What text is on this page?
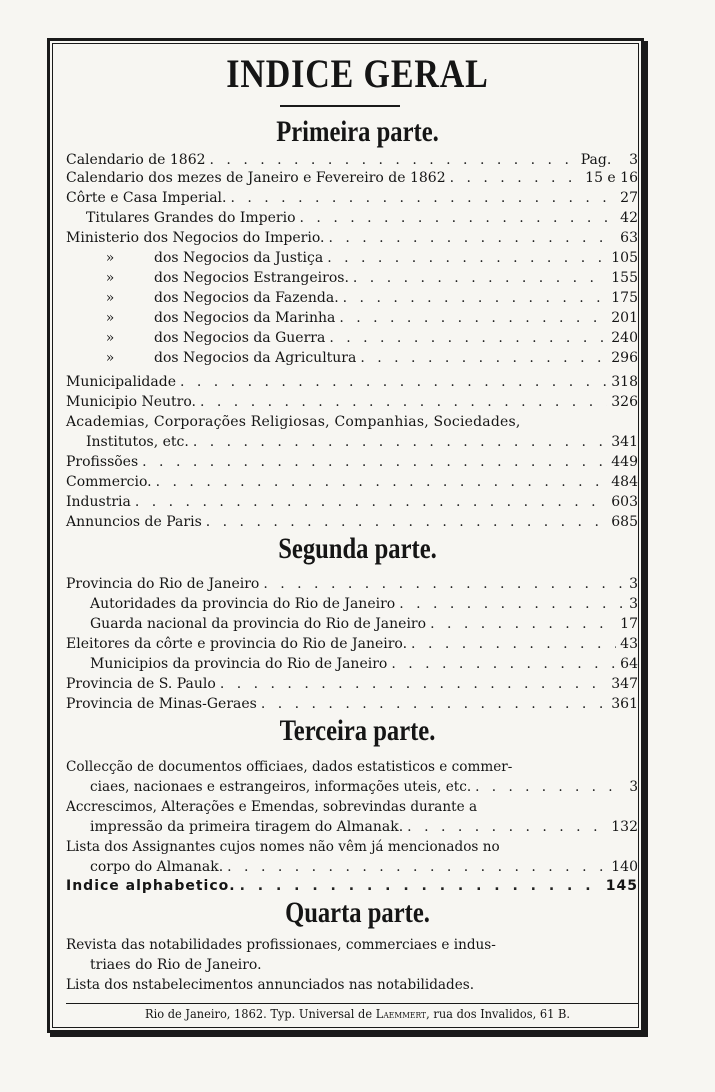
INDICE GERAL
Primeira parte.
Calendario de 1862 . . .	Pag.    3
Calendario dos mezes de Janeiro e Fevereiro de 1862 . . .	15 e 16
Côrte e Casa Imperial. . . .	27
Titulares Grandes do Imperio . . .	42
Ministerio dos Negocios do Imperio. . . .	63
»	dos Negocios da Justiça . . .	105
»	dos Negocios Estrangeiros. . . .	155
»	dos Negocios da Fazenda. . . .	175
»	dos Negocios da Marinha . . .	201
»	dos Negocios da Guerra . . .	240
»	dos Negocios da Agricultura . . .	296
Municipalidade . . .	318
Municipio Neutro. . . .	326
Academias, Corporações Religiosas, Companhias, Sociedades,
Institutos, etc. . . .	341
Profissões . . .	449
Commercio. . . .	484
Industria . . .	603
Annuncios de Paris . . .	685
Segunda parte.
Provincia do Rio de Janeiro . . .	3
Autoridades da provincia do Rio de Janeiro . . .	3
Guarda nacional da provincia do Rio de Janeiro . . .	17
Eleitores da côrte e provincia do Rio de Janeiro. . . .	43
Municipios da provincia do Rio de Janeiro . . .	64
Provincia de S. Paulo . . .	347
Provincia de Minas-Geraes . . .	361
Terceira parte.
Collecção de documentos officiaes, dados estatisticos e commer-
ciaes, nacionaes e estrangeiros, informações uteis, etc. . . .	3
Accrescimos, Alterações e Emendas, sobrevindas durante a
impressão da primeira tiragem do Almanak. . . .	132
Lista dos Assignantes cujos nomes não vêm já mencionados no
corpo do Almanak. . . .	140
Indice alphabetico. . . .	145
Quarta parte.
Revista das notabilidades profissionaes, commerciaes e indus-
triaes do Rio de Janeiro.
Lista dos nstabelecimentos annunciados nas notabilidades.
Rio de Janeiro, 1862. Typ. Universal de Laemmert, rua dos Invalidos, 61 B.
